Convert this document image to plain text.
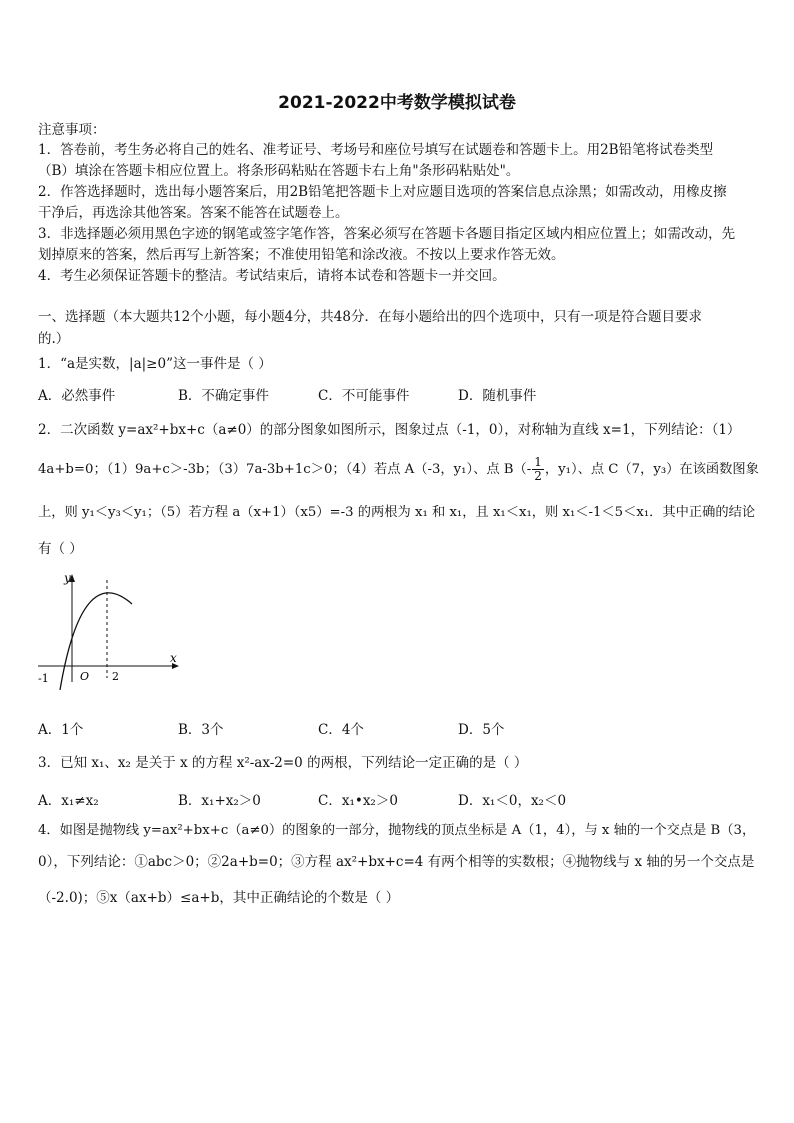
2021-2022中考数学模拟试卷
注意事项：
1．答卷前，考生务必将自己的姓名、准考证号、考场号和座位号填写在试题卷和答题卡上。用2B铅笔将试卷类型
（B）填涂在答题卡相应位置上。将条形码粘贴在答题卡右上角"条形码粘贴处"。
2．作答选择题时，选出每小题答案后，用2B铅笔把答题卡上对应题目选项的答案信息点涂黑；如需改动，用橡皮擦
干净后，再选涂其他答案。答案不能答在试题卷上。
3．非选择题必须用黑色字迹的钢笔或签字笔作答，答案必须写在答题卡各题目指定区域内相应位置上；如需改动，先
划掉原来的答案，然后再写上新答案；不准使用铅笔和涂改液。不按以上要求作答无效。
4．考生必须保证答题卡的整洁。考试结束后，请将本试卷和答题卡一并交回。
一、选择题（本大题共12个小题，每小题4分，共48分．在每小题给出的四个选项中，只有一项是符合题目要求
的.）
1．“a是实数，|a|≥0”这一事件是（ ）
A．必然事件	B．不确定事件	C．不可能事件	D．随机事件
2．二次函数 y=ax²+bx+c（a≠0）的部分图象如图所示，图象过点（-1，0），对称轴为直线 x=1，下列结论：（1）
4a+b=0；（1）9a+c＞-3b；（3）7a-3b+1c＞0；（4）若点 A（-3，y₁）、点 $B(- \frac{1}{2}$ ，y₁）、点 C（7，y₃）在该函数图象
上，则 y₁＜y₃＜y₁；（5）若方程 a（x+1）（x5）=-3 的两根为 x₁ 和 x₁，且 x₁＜x₁，则 x₁＜-1＜5＜x₁．其中正确的结论
有（ ）
y
x
O
-1	2
A．1个	B．3个	C．4个	D．5个
3．已知 x₁、x₂ 是关于 x 的方程 x²-ax-2=0 的两根，下列结论一定正确的是（ ）
A．x₁≠x₂	B．x₁+x₂＞0	C．x₁•x₂＞0	D．x₁＜0，x₂＜0
4．如图是抛物线 y=ax²+bx+c（a≠0）的图象的一部分，抛物线的顶点坐标是 A（1，4），与 x 轴的一个交点是 B（3，
0），下列结论：①abc＞0；②2a+b=0；③方程 ax²+bx+c=4 有两个相等的实数根；④抛物线与 x 轴的另一个交点是
（-2.0)；⑤x（ax+b）≤a+b，其中正确结论的个数是（ ）
